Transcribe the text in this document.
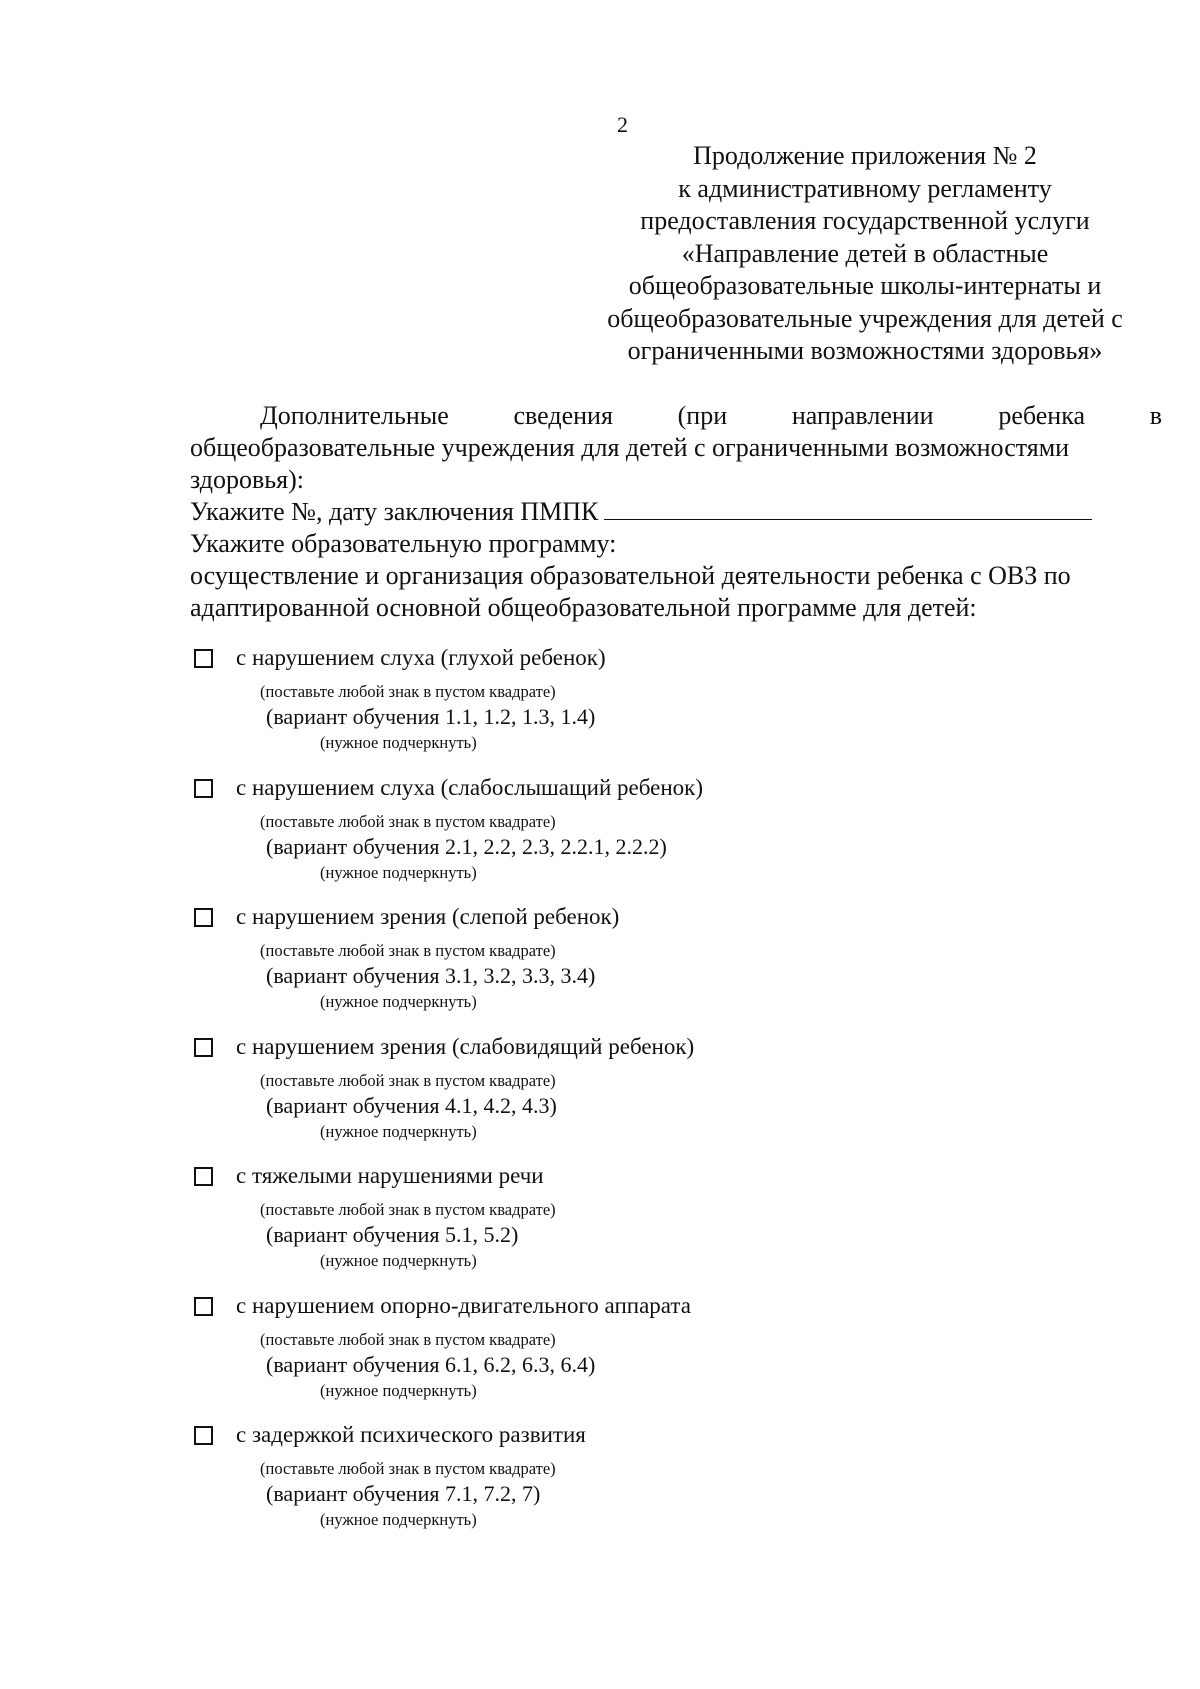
2
Продолжение приложения № 2
к административному регламенту
предоставления государственной услуги
«Направление детей в областные
общеобразовательные школы-интернаты и
общеобразовательные учреждения для детей с
ограниченными возможностями здоровья»
Дополнительные сведения (при направлении ребенка в
общеобразовательные учреждения для детей с ограниченными возможностями
здоровья):
Укажите №, дату заключения ПМПК
Укажите образовательную программу:
осуществление и организация образовательной деятельности ребенка с ОВЗ по
адаптированной основной общеобразовательной программе для детей:
с нарушением слуха (глухой ребенок)
(поставьте любой знак в пустом квадрате)
(вариант обучения 1.1, 1.2, 1.3, 1.4)
(нужное подчеркнуть)
с нарушением слуха (слабослышащий ребенок)
(поставьте любой знак в пустом квадрате)
(вариант обучения 2.1, 2.2, 2.3, 2.2.1, 2.2.2)
(нужное подчеркнуть)
с нарушением зрения (слепой ребенок)
(поставьте любой знак в пустом квадрате)
(вариант обучения 3.1, 3.2, 3.3, 3.4)
(нужное подчеркнуть)
с нарушением зрения (слабовидящий ребенок)
(поставьте любой знак в пустом квадрате)
(вариант обучения 4.1, 4.2, 4.3)
(нужное подчеркнуть)
с тяжелыми нарушениями речи
(поставьте любой знак в пустом квадрате)
(вариант обучения 5.1, 5.2)
(нужное подчеркнуть)
с нарушением опорно-двигательного аппарата
(поставьте любой знак в пустом квадрате)
(вариант обучения 6.1, 6.2, 6.3, 6.4)
(нужное подчеркнуть)
с задержкой психического развития
(поставьте любой знак в пустом квадрате)
(вариант обучения 7.1, 7.2, 7)
(нужное подчеркнуть)
